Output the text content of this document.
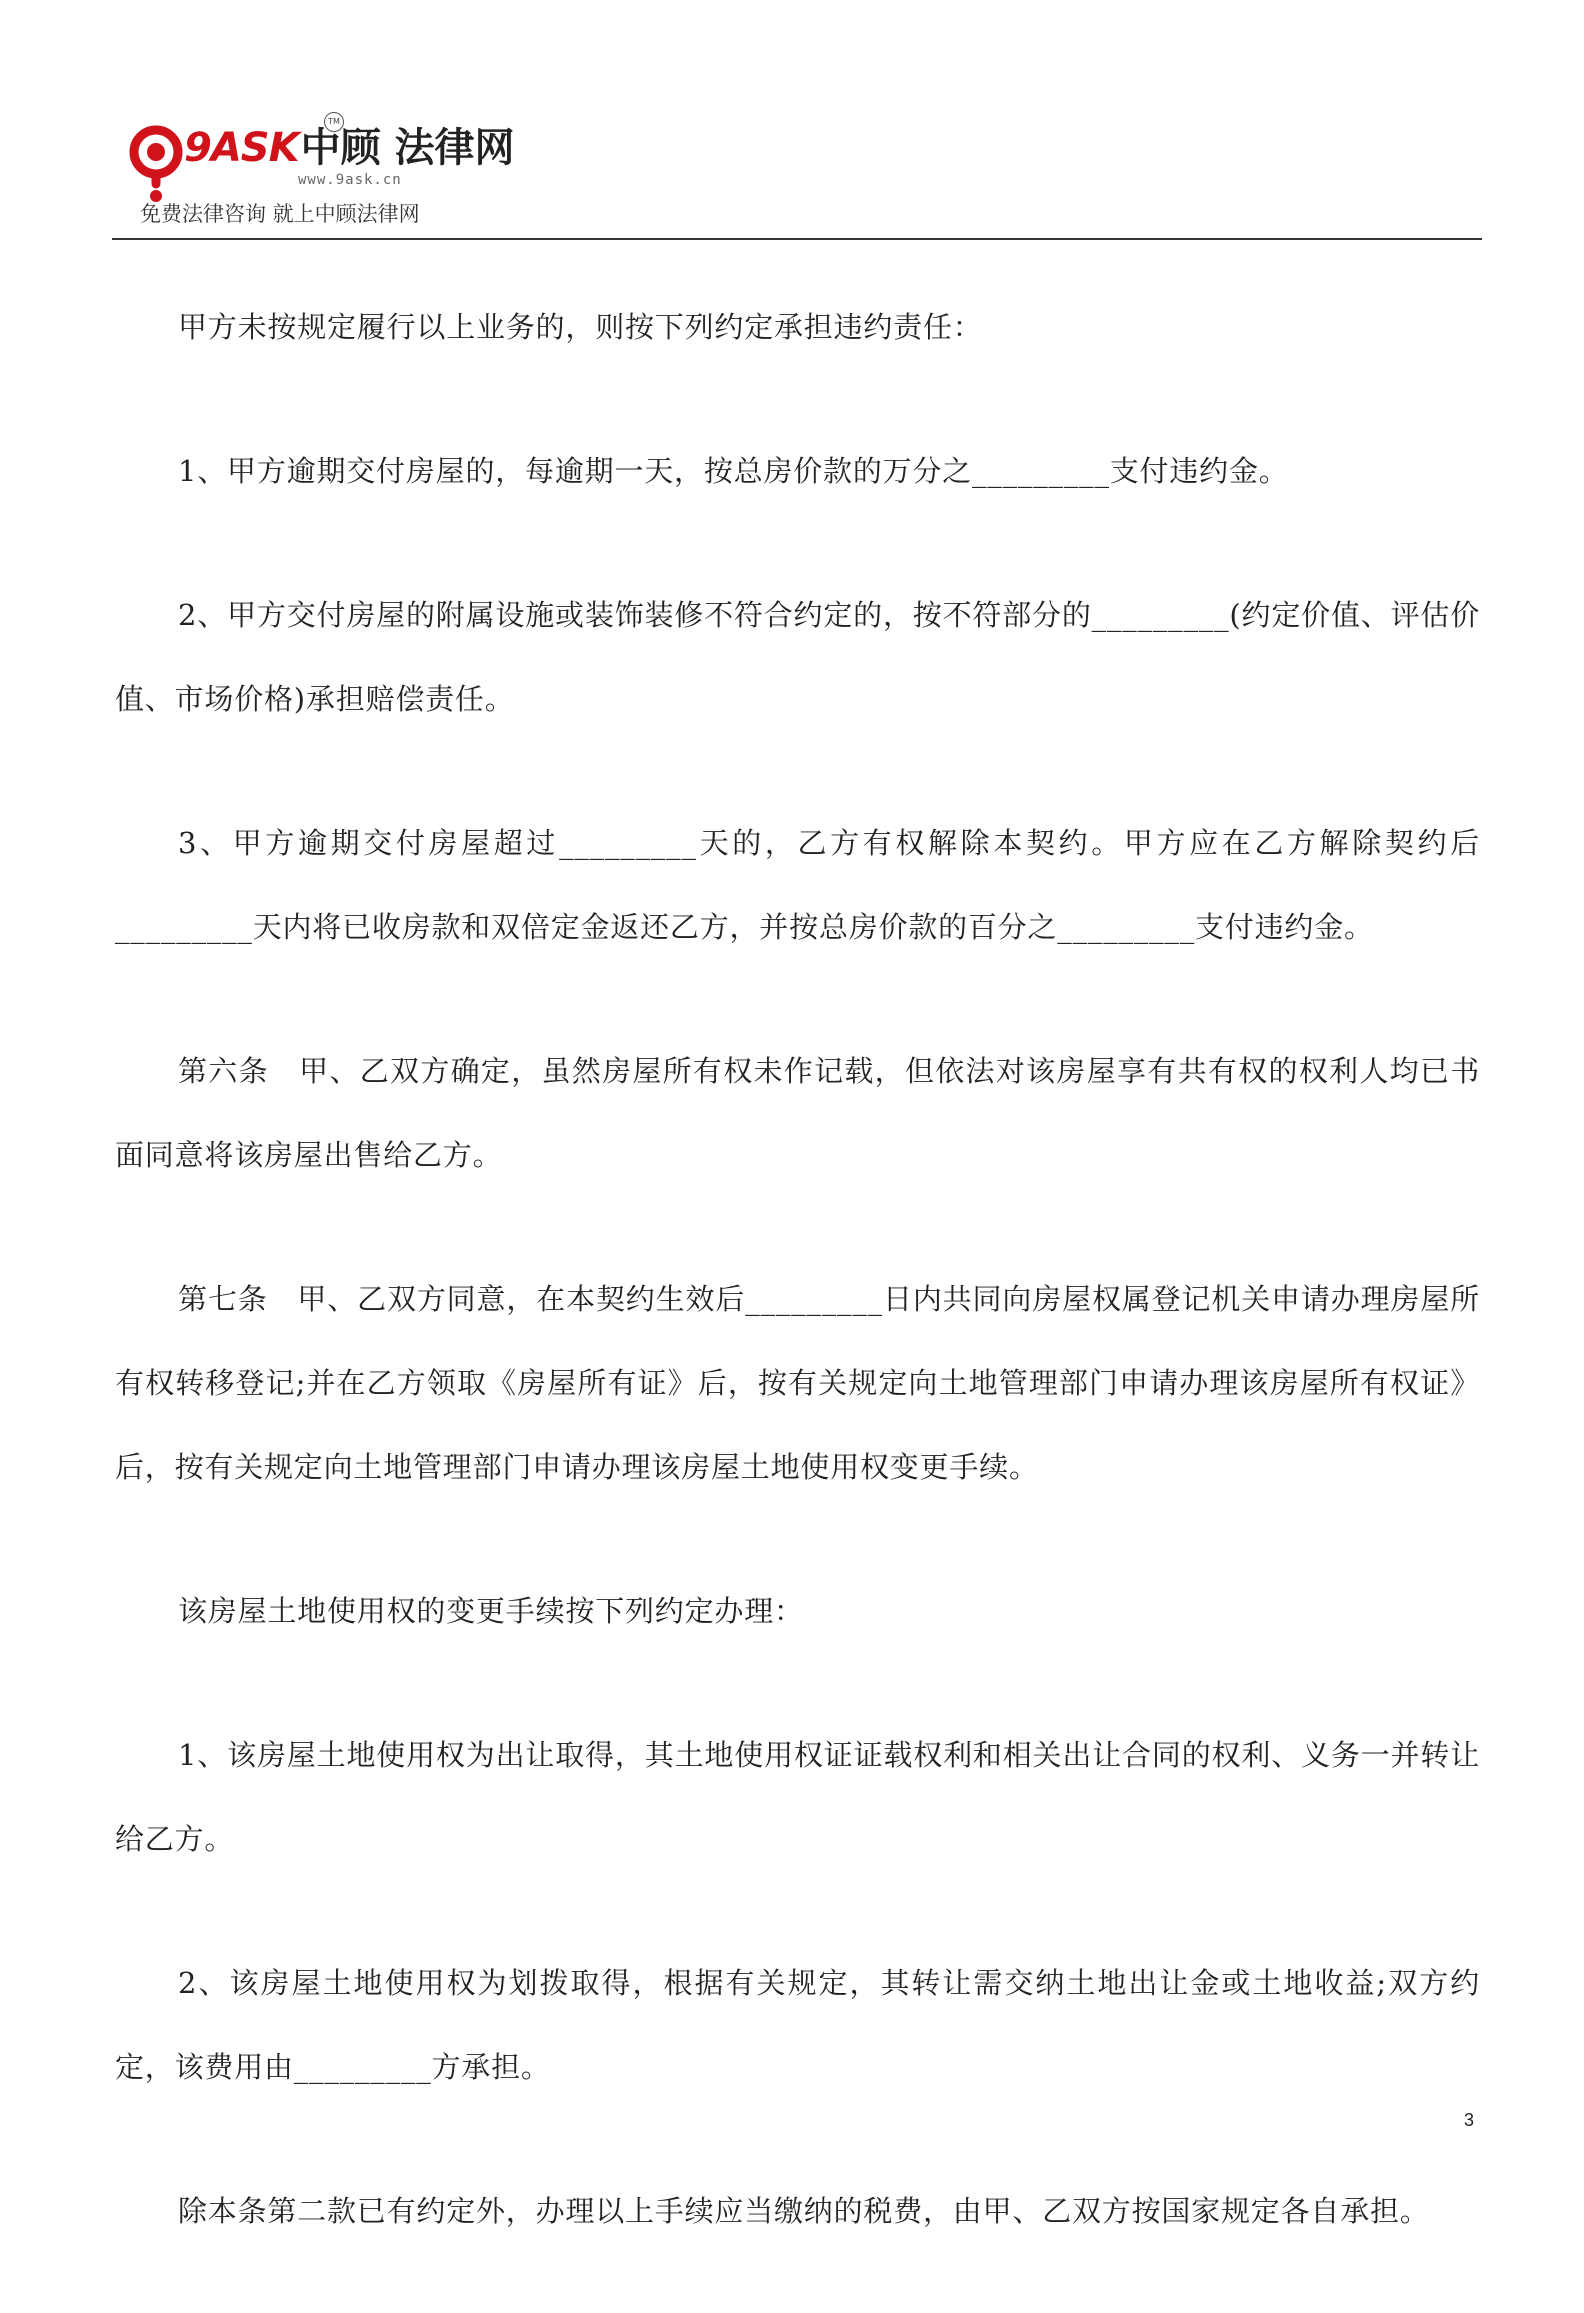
9ASK中顾 法律网
TM
www.9ask.cn
免费法律咨询 就上中顾法律网

甲方未按规定履行以上业务的，则按下列约定承担违约责任：

1、甲方逾期交付房屋的，每逾期一天，按总房价款的万分之_________支付违约金。

2、甲方交付房屋的附属设施或装饰装修不符合约定的，按不符部分的_________(约定价值、评估价值、市场价格)承担赔偿责任。

3、甲方逾期交付房屋超过_________天的，乙方有权解除本契约。甲方应在乙方解除契约后_________天内将已收房款和双倍定金返还乙方，并按总房价款的百分之_________支付违约金。

第六条　甲、乙双方确定，虽然房屋所有权未作记载，但依法对该房屋享有共有权的权利人均已书面同意将该房屋出售给乙方。

第七条　甲、乙双方同意，在本契约生效后_________日内共同向房屋权属登记机关申请办理房屋所有权转移登记;并在乙方领取《房屋所有证》后，按有关规定向土地管理部门申请办理该房屋所有权证》后，按有关规定向土地管理部门申请办理该房屋土地使用权变更手续。

该房屋土地使用权的变更手续按下列约定办理：

1、该房屋土地使用权为出让取得，其土地使用权证证载权利和相关出让合同的权利、义务一并转让给乙方。

2、该房屋土地使用权为划拨取得，根据有关规定，其转让需交纳土地出让金或土地收益;双方约定，该费用由_________方承担。

除本条第二款已有约定外，办理以上手续应当缴纳的税费，由甲、乙双方按国家规定各自承担。

3
